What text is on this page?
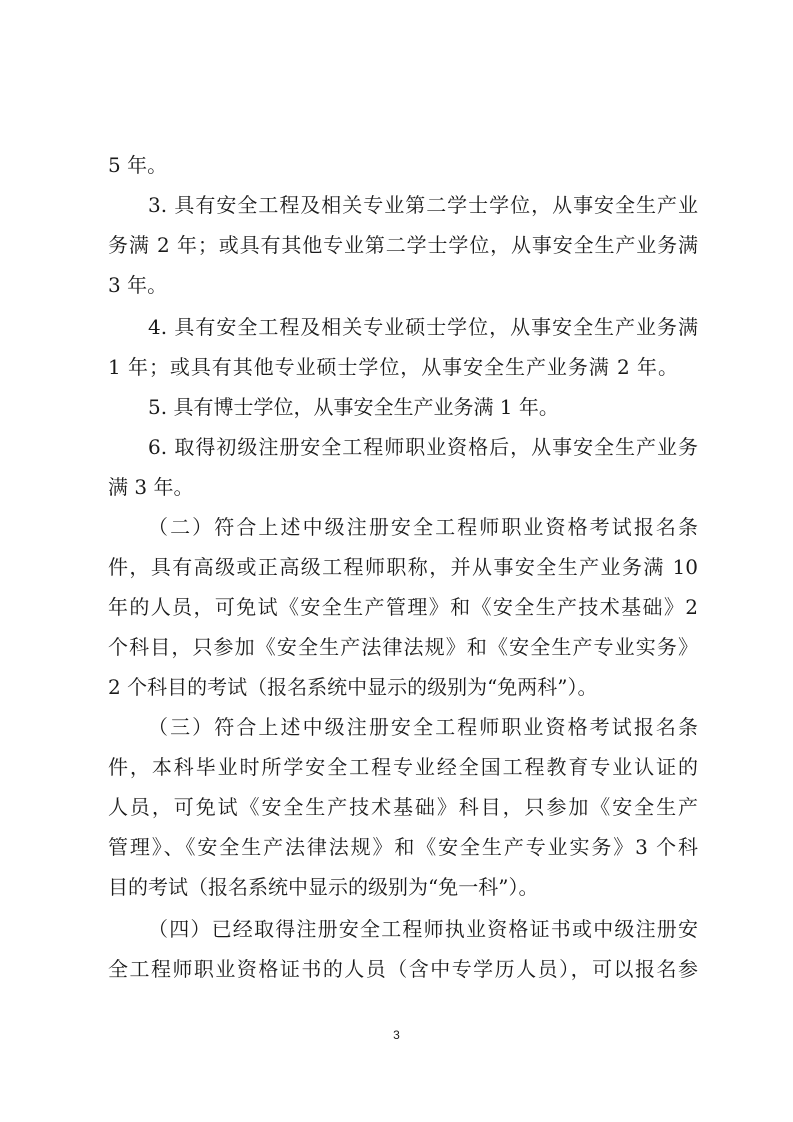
5 年。
3. 具有安全工程及相关专业第二学士学位，从事安全生产业
务满 2 年；或具有其他专业第二学士学位，从事安全生产业务满
3 年。
4. 具有安全工程及相关专业硕士学位，从事安全生产业务满
1 年；或具有其他专业硕士学位，从事安全生产业务满 2 年。
5. 具有博士学位，从事安全生产业务满 1 年。
6. 取得初级注册安全工程师职业资格后，从事安全生产业务
满 3 年。
（二）符合上述中级注册安全工程师职业资格考试报名条
件，具有高级或正高级工程师职称，并从事安全生产业务满 10
年的人员，可免试《安全生产管理》和《安全生产技术基础》2
个科目，只参加《安全生产法律法规》和《安全生产专业实务》
2 个科目的考试（报名系统中显示的级别为“免两科”）。
（三）符合上述中级注册安全工程师职业资格考试报名条
件，本科毕业时所学安全工程专业经全国工程教育专业认证的
人员，可免试《安全生产技术基础》科目，只参加《安全生产
管理》、《安全生产法律法规》和《安全生产专业实务》3 个科
目的考试（报名系统中显示的级别为“免一科”）。
（四）已经取得注册安全工程师执业资格证书或中级注册安
全工程师职业资格证书的人员（含中专学历人员），可以报名参
3
